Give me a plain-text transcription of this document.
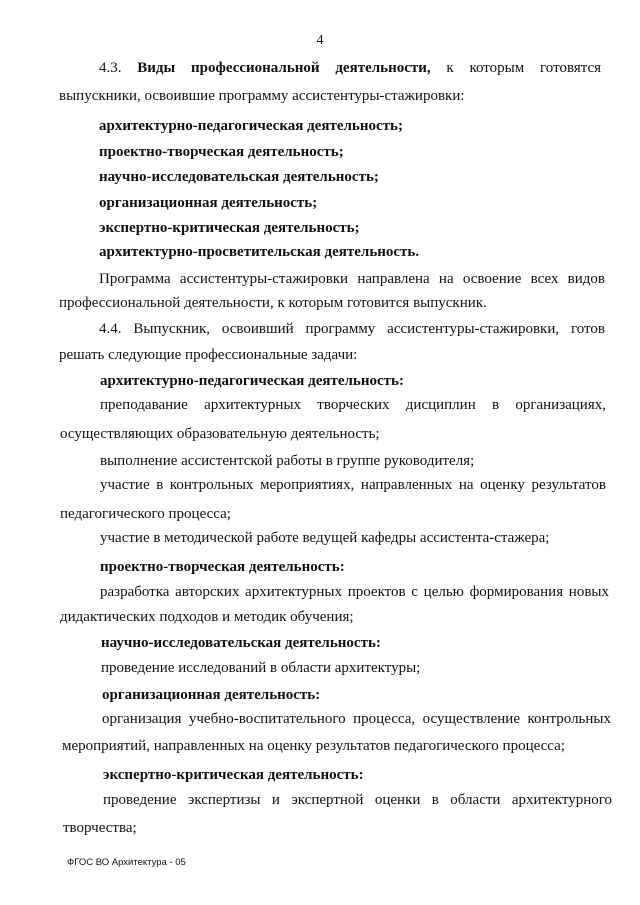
4
4.3. Виды профессиональной деятельности, к которым готовятся
выпускники, освоившие программу ассистентуры-стажировки:
архитектурно-педагогическая деятельность;
проектно-творческая деятельность;
научно-исследовательская деятельность;
организационная деятельность;
экспертно-критическая деятельность;
архитектурно-просветительская деятельность.
Программа ассистентуры-стажировки направлена на освоение всех видов
профессиональной деятельности, к которым готовится выпускник.
4.4. Выпускник, освоивший программу ассистентуры-стажировки, готов
решать следующие профессиональные задачи:
архитектурно-педагогическая деятельность:
преподавание архитектурных творческих дисциплин в организациях,
осуществляющих образовательную деятельность;
выполнение ассистентской работы в группе руководителя;
участие в контрольных мероприятиях, направленных на оценку результатов
педагогического процесса;
участие в методической работе ведущей кафедры ассистента-стажера;
проектно-творческая деятельность:
разработка авторских архитектурных проектов с целью формирования новых
дидактических подходов и методик обучения;
научно-исследовательская деятельность:
проведение исследований в области архитектуры;
организационная деятельность:
организация учебно-воспитательного процесса, осуществление контрольных
мероприятий, направленных на оценку результатов педагогического процесса;
экспертно-критическая деятельность:
проведение экспертизы и экспертной оценки в области архитектурного
творчества;
ФГОС ВО Архитектура - 05
